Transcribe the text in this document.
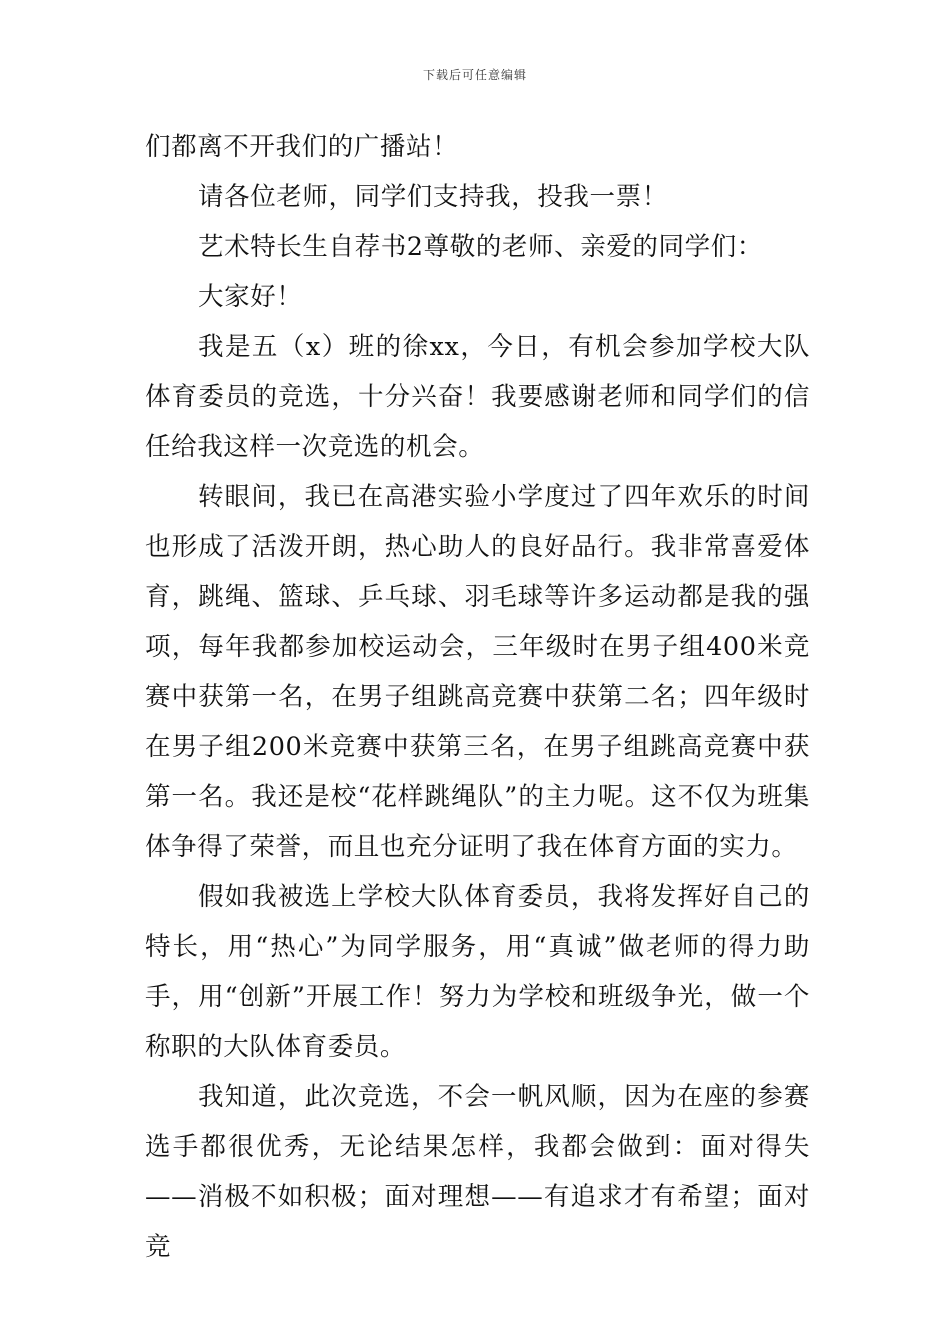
下载后可任意编辑

们都离不开我们的广播站！

请各位老师，同学们支持我，投我一票！

艺术特长生自荐书2尊敬的老师、亲爱的同学们：

大家好！

我是五（x）班的徐xx，今日，有机会参加学校大队体育委员的竞选，十分兴奋！我要感谢老师和同学们的信任给我这样一次竞选的机会。

转眼间，我已在高港实验小学度过了四年欢乐的时间也形成了活泼开朗，热心助人的良好品行。我非常喜爱体育，跳绳、篮球、乒乓球、羽毛球等许多运动都是我的强项，每年我都参加校运动会，三年级时在男子组400米竞赛中获第一名，在男子组跳高竞赛中获第二名；四年级时在男子组200米竞赛中获第三名，在男子组跳高竞赛中获第一名。我还是校“花样跳绳队”的主力呢。这不仅为班集体争得了荣誉，而且也充分证明了我在体育方面的实力。

假如我被选上学校大队体育委员，我将发挥好自己的特长，用“热心”为同学服务，用“真诚”做老师的得力助手，用“创新”开展工作！努力为学校和班级争光，做一个称职的大队体育委员。

我知道，此次竞选，不会一帆风顺，因为在座的参赛选手都很优秀，无论结果怎样，我都会做到：面对得失——消极不如积极；面对理想——有追求才有希望；面对竞
